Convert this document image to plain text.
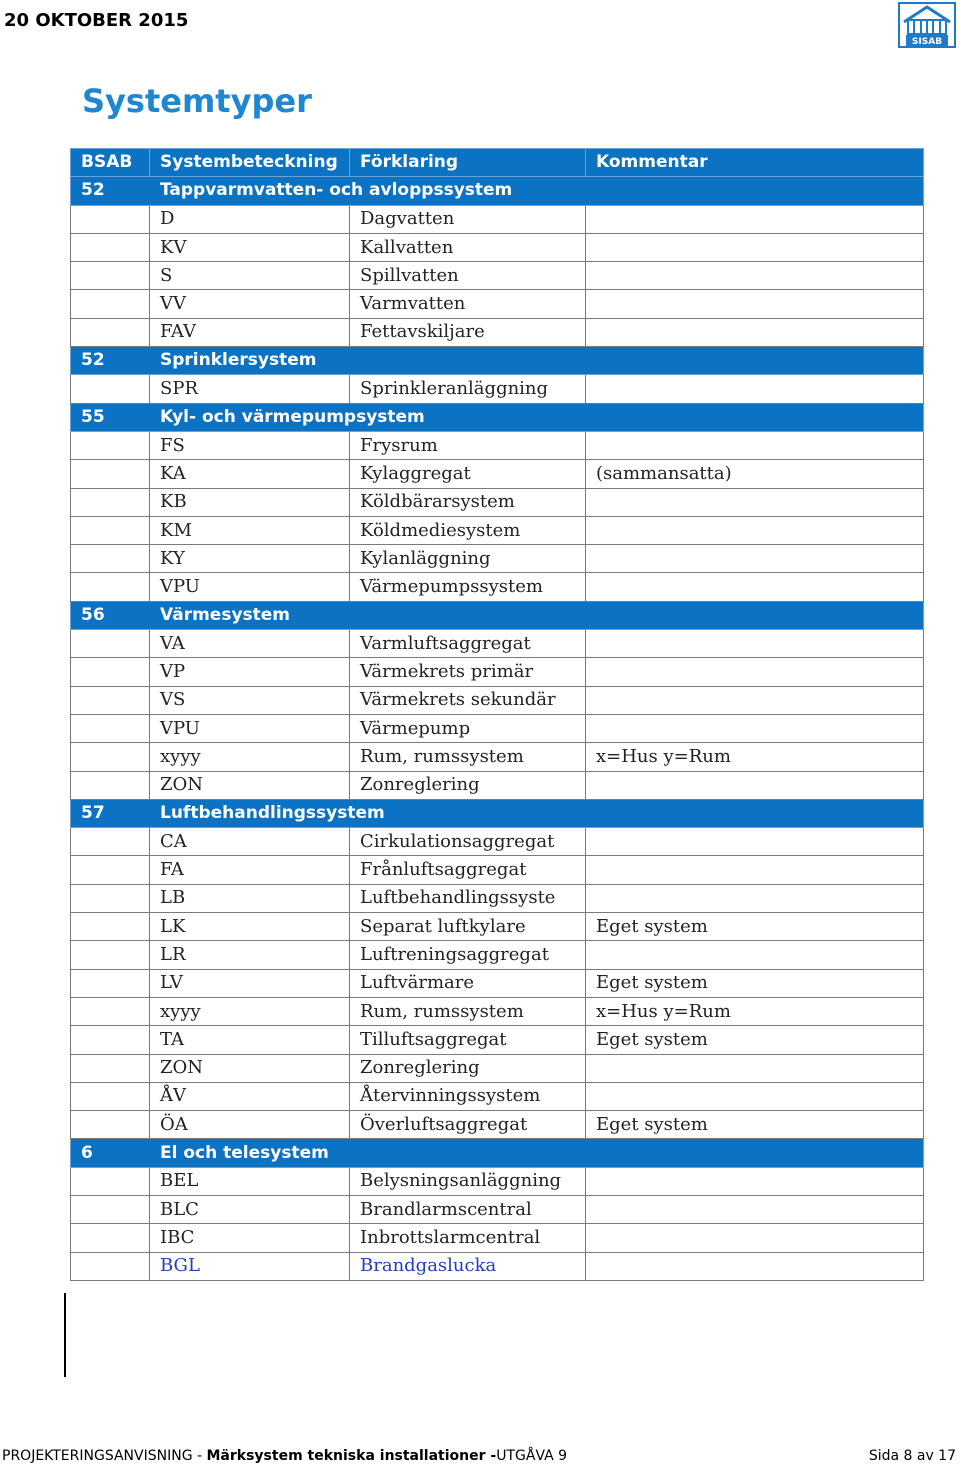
20 OKTOBER 2015
SISAB
Systemtyper
BSAB	Systembeteckning	Förklaring	Kommentar
52	Tappvarmvatten- och avloppssystem		
	D	Dagvatten	
	KV	Kallvatten	
	S	Spillvatten	
	VV	Varmvatten	
	FAV	Fettavskiljare	
52	Sprinklersystem		
	SPR	Sprinkleranläggning	
55	Kyl- och värmepumpsystem		
	FS	Frysrum	
	KA	Kylaggregat	(sammansatta)
	KB	Köldbärarsystem	
	KM	Köldmediesystem	
	KY	Kylanläggning	
	VPU	Värmepumpssystem	
56	Värmesystem		
	VA	Varmluftsaggregat	
	VP	Värmekrets primär	
	VS	Värmekrets sekundär	
	VPU	Värmepump	
	xyyy	Rum, rumssystem	x=Hus y=Rum
	ZON	Zonreglering	
57	Luftbehandlingssystem		
	CA	Cirkulationsaggregat	
	FA	Frånluftsaggregat	
	LB	Luftbehandlingssyste	
	LK	Separat luftkylare	Eget system
	LR	Luftreningsaggregat	
	LV	Luftvärmare	Eget system
	xyyy	Rum, rumssystem	x=Hus y=Rum
	TA	Tilluftsaggregat	Eget system
	ZON	Zonreglering	
	ÅV	Återvinningssystem	
	ÖA	Överluftsaggregat	Eget system
6	El och telesystem		
	BEL	Belysningsanläggning	
	BLC	Brandlarmscentral	
	IBC	Inbrottslarmcentral	
	BGL	Brandgaslucka	
PROJEKTERINGSANVISNING - Märksystem tekniska installationer -UTGÅVA 9	Sida 8 av 17
